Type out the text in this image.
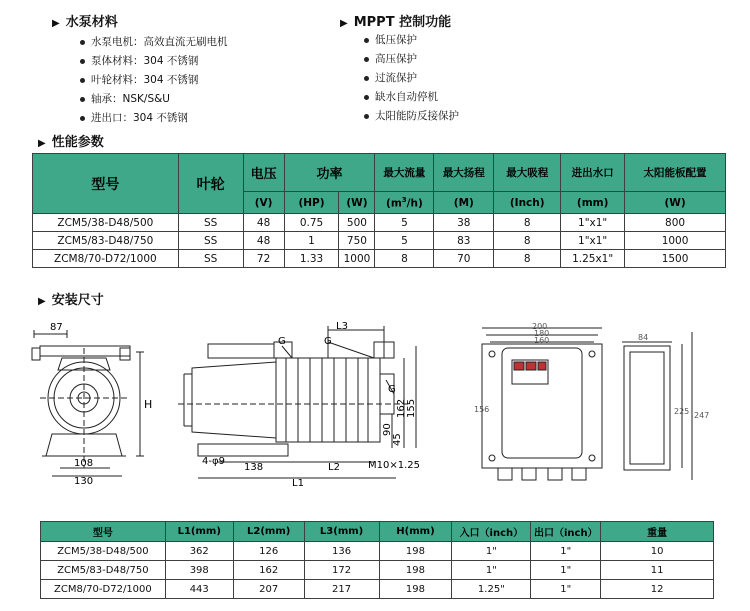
▶ 水泵材料
水泵电机：高效直流无刷电机
泵体材料：304 不锈钢
叶轮材料：304 不锈钢
轴承：NSK/S&U
进出口：304 不锈钢
▶ MPPT 控制功能
低压保护
高压保护
过流保护
缺水自动停机
太阳能防反接保护
▶ 性能参数
型号	叶轮	电压	功率		最大流量	最大扬程	最大吸程	进出水口	太阳能板配置
		(V)	(HP)	(W)	$(m^3/h)$	(M)	(Inch)	(mm)	(W)
ZCM5/38-D48/500	SS	48	0.75	500	5	38	8	1"x1"	800
ZCM5/83-D48/750	SS	48	1	750	5	83	8	1"x1"	1000
ZCM8/70-D72/1000	SS	72	1.33	1000	8	70	8	1.25x1"	1500
▶ 安装尺寸
87
108
130
H
L3
G	G
G
4-φ9
138	L2
L1
162 155
90
45
M10×1.25
200
180
160	84
156	225 247
型号	L1(mm)	L2(mm)	L3(mm)	H(mm)	入口（inch）	出口（inch）	重量
ZCM5/38-D48/500	362	126	136	198	1"	1"	10
ZCM5/83-D48/750	398	162	172	198	1"	1"	11
ZCM8/70-D72/1000	443	207	217	198	1.25"	1"	12
